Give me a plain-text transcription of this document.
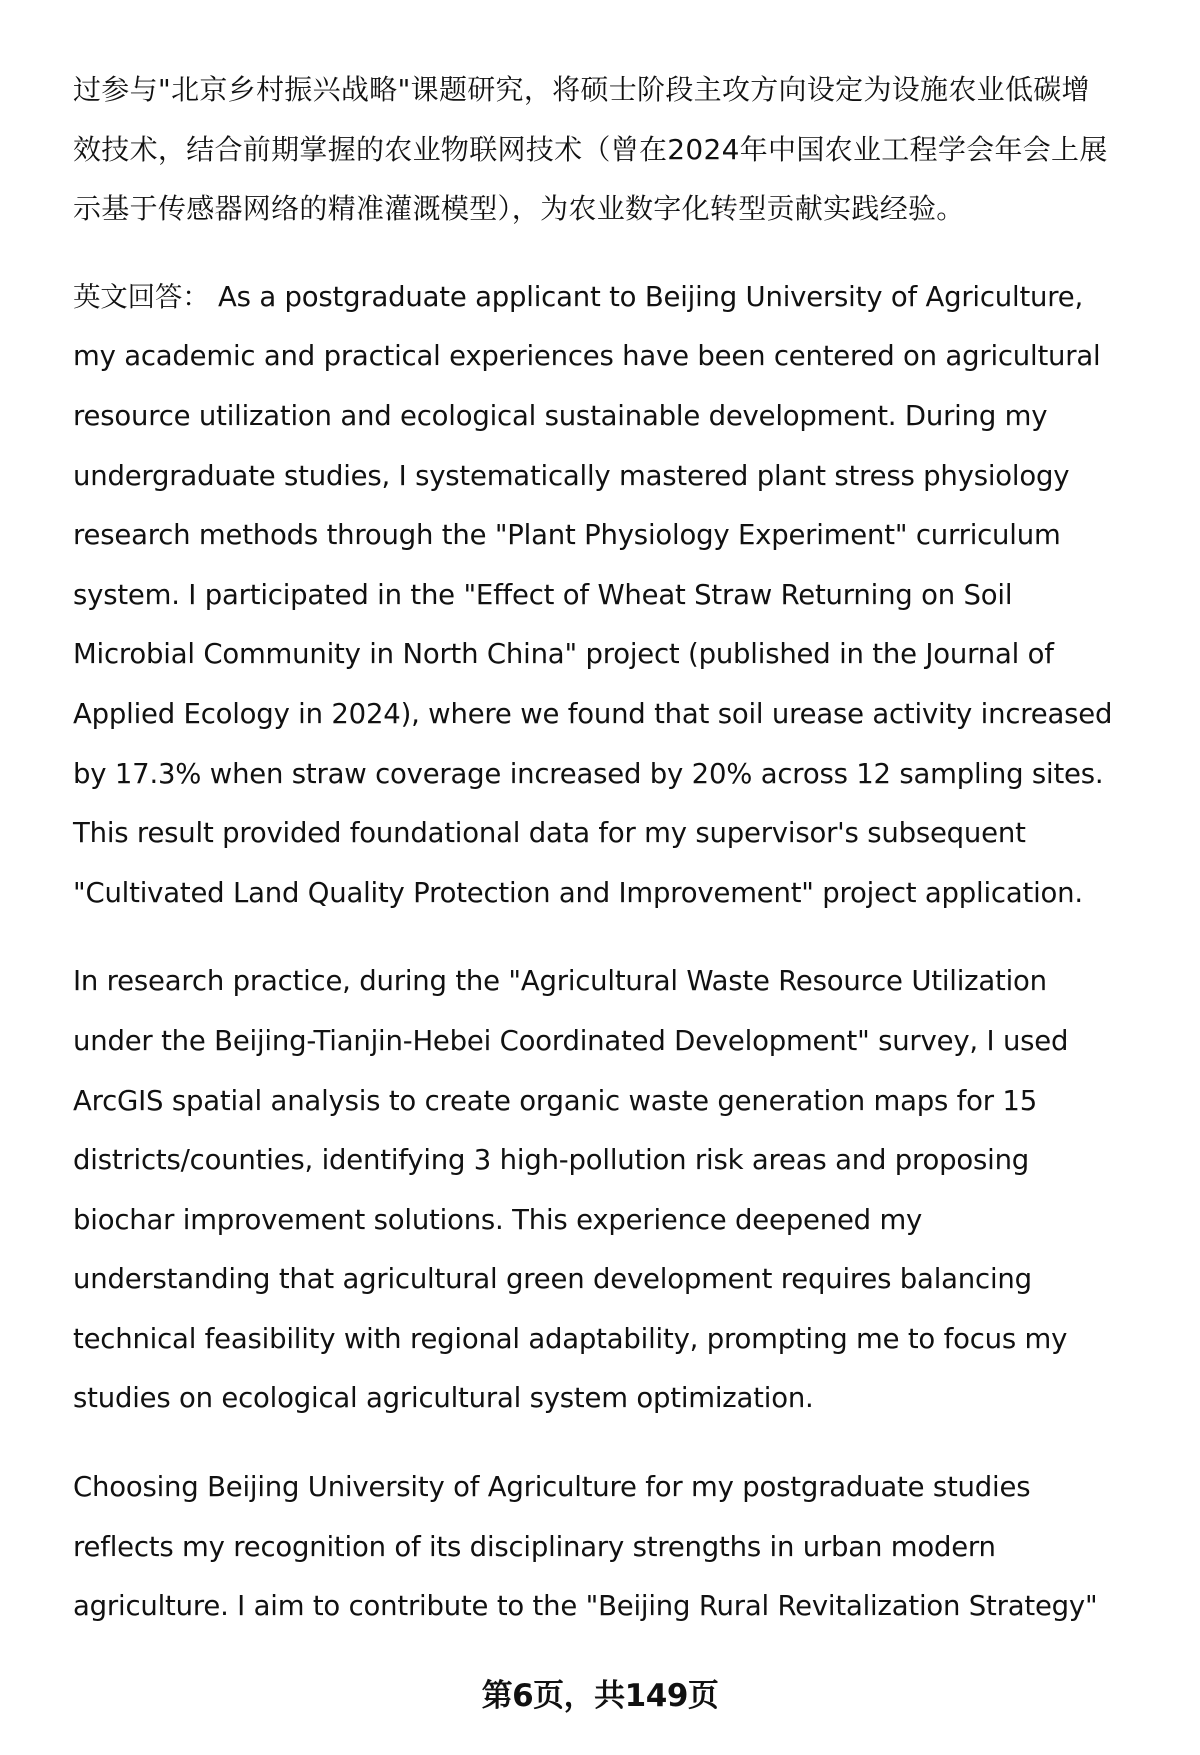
过参与"北京乡村振兴战略"课题研究，将硕士阶段主攻方向设定为设施农业低碳增
效技术，结合前期掌握的农业物联网技术（曾在2024年中国农业工程学会年会上展
示基于传感器网络的精准灌溉模型），为农业数字化转型贡献实践经验。
英文回答： As a postgraduate applicant to Beijing University of Agriculture,
my academic and practical experiences have been centered on agricultural
resource utilization and ecological sustainable development. During my
undergraduate studies, I systematically mastered plant stress physiology
research methods through the "Plant Physiology Experiment" curriculum
system. I participated in the "Effect of Wheat Straw Returning on Soil
Microbial Community in North China" project (published in the Journal of
Applied Ecology in 2024), where we found that soil urease activity increased
by 17.3% when straw coverage increased by 20% across 12 sampling sites.
This result provided foundational data for my supervisor's subsequent
"Cultivated Land Quality Protection and Improvement" project application.
In research practice, during the "Agricultural Waste Resource Utilization
under the Beijing-Tianjin-Hebei Coordinated Development" survey, I used
ArcGIS spatial analysis to create organic waste generation maps for 15
districts/counties, identifying 3 high-pollution risk areas and proposing
biochar improvement solutions. This experience deepened my
understanding that agricultural green development requires balancing
technical feasibility with regional adaptability, prompting me to focus my
studies on ecological agricultural system optimization.
Choosing Beijing University of Agriculture for my postgraduate studies
reflects my recognition of its disciplinary strengths in urban modern
agriculture. I aim to contribute to the "Beijing Rural Revitalization Strategy"
第6页，共149页
